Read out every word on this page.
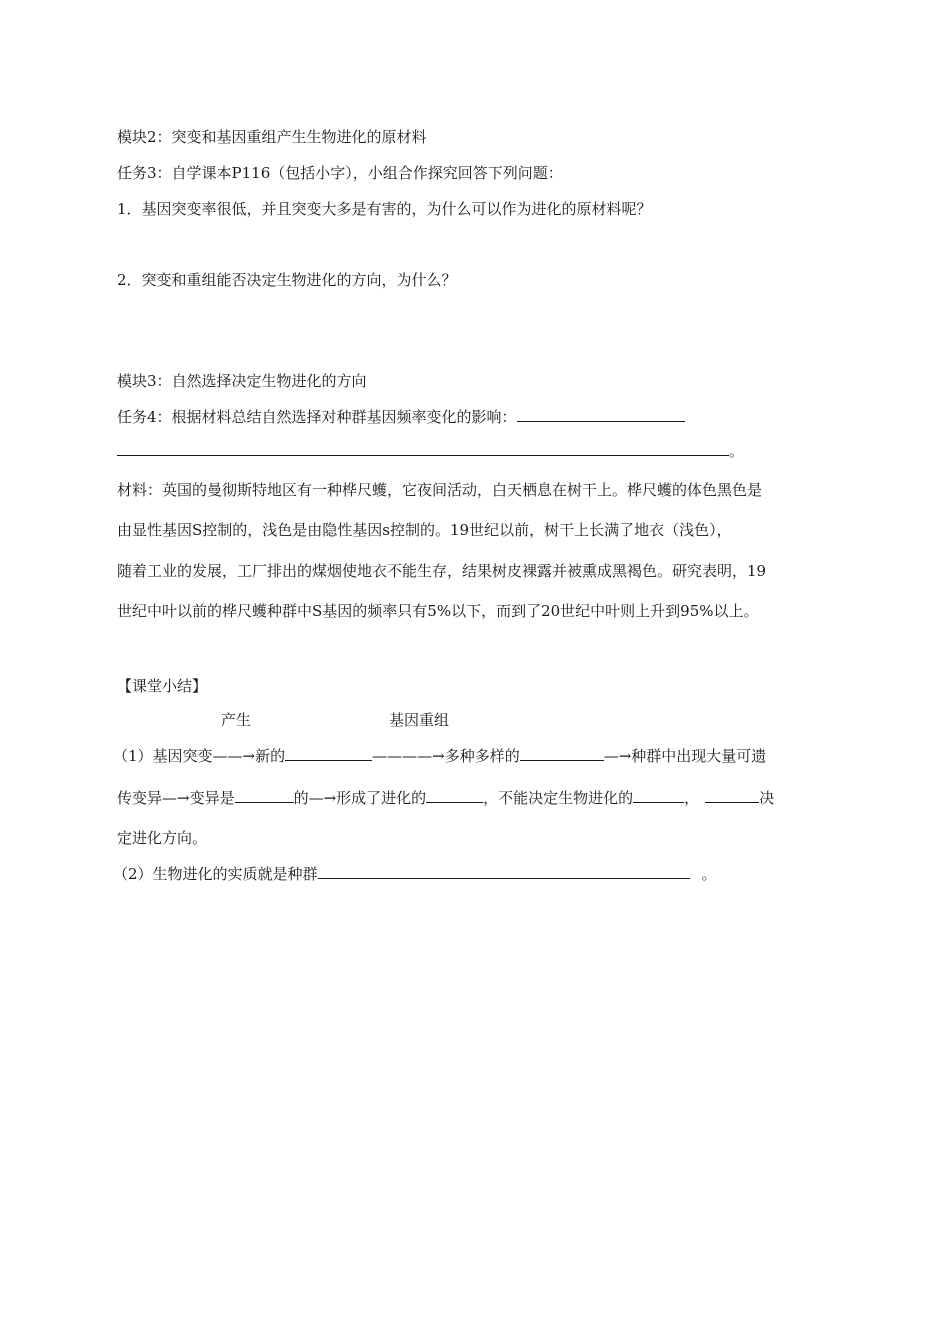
模块2：突变和基因重组产生生物进化的原材料
任务3：自学课本P116（包括小字），小组合作探究回答下列问题：
1．基因突变率很低，并且突变大多是有害的，为什么可以作为进化的原材料呢？
2．突变和重组能否决定生物进化的方向，为什么？
模块3：自然选择决定生物进化的方向
任务4：根据材料总结自然选择对种群基因频率变化的影响：
。
材料：英国的曼彻斯特地区有一种桦尺蠖，它夜间活动，白天栖息在树干上。桦尺蠖的体色黑色是
由显性基因S控制的，浅色是由隐性基因s控制的。19世纪以前，树干上长满了地衣（浅色），
随着工业的发展，工厂排出的煤烟使地衣不能生存，结果树皮裸露并被熏成黑褐色。研究表明，19
世纪中叶以前的桦尺蠖种群中S基因的频率只有5%以下，而到了20世纪中叶则上升到95%以上。
【课堂小结】
产生	基因重组
（1）基因突变——→新的	————→多种多样的	—→种群中出现大量可遗
传变异—→变异是	的—→形成了进化的	，不能决定生物进化的	，	决
定进化方向。
（2）生物进化的实质就是种群	。
